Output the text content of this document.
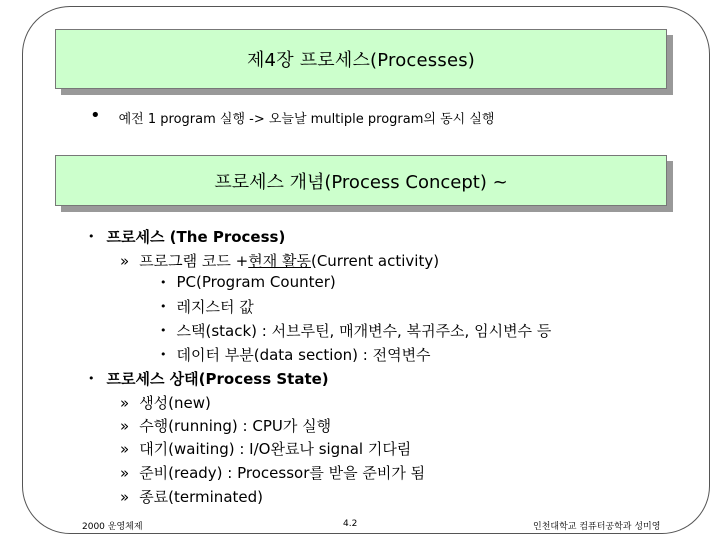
제4장 프로세스(Processes)
• 예전 1 program 실행 -> 오늘날 multiple program의 동시 실행
프로세스 개념(Process Concept) ~
• 프로세스 (The Process)
» 프로그램 코드 + 현재 활동 (Current activity)
• PC(Program Counter)
• 레지스터 값
• 스택(stack) : 서브루틴, 매개변수, 복귀주소, 임시변수 등
• 데이터 부분(data section) : 전역변수
• 프로세스 상태(Process State)
» 생성(new)
» 수행(running) : CPU가 실행
» 대기(waiting) : I/O완료나 signal 기다림
» 준비(ready) : Processor를 받을 준비가 됨
» 종료(terminated)
2000 운영체제	4.2	인천대학교 컴퓨터공학과 성미영
